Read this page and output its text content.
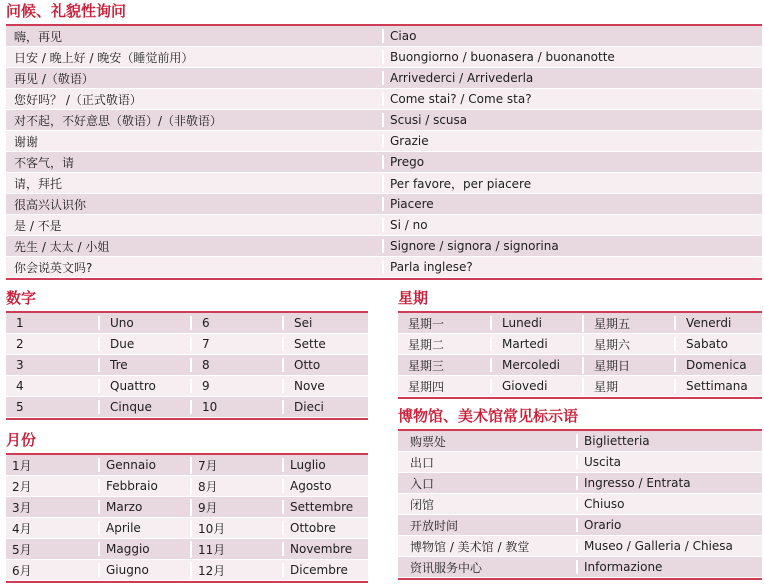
问候、礼貌性询问
数字	星期
月份
博物馆、美术馆常见标示语
嗨，再见	Ciao
日安 / 晚上好 / 晚安（睡觉前用）	Buongiorno / buonasera / buonanotte
再见 /（敬语）	Arrivederci / Arrivederla
您好吗？ /（正式敬语）	Come stai? / Come sta?
对不起，不好意思（敬语）/（非敬语）	Scusi / scusa
谢谢	Grazie
不客气，请	Prego
请，拜托	Per favore，per piacere
很高兴认识你	Piacere
是 / 不是	Si / no
先生 / 太太 / 小姐	Signore / signora / signorina
你会说英文吗?	Parla inglese?
1	Uno	6	Sei
2	Due	7	Sette
3	Tre	8	Otto
4	Quattro	9	Nove
5	Cinque	10	Dieci
星期一	Lunedi	星期五	Venerdi
星期二	Martedi	星期六	Sabato
星期三	Mercoledi	星期日	Domenica
星期四	Giovedi	星期	Settimana
1月	Gennaio	7月	Luglio
2月	Febbraio	8月	Agosto
3月	Marzo	9月	Settembre
4月	Aprile	10月	Ottobre
5月	Maggio	11月	Novembre
6月	Giugno	12月	Dicembre
购票处	Biglietteria
出口	Uscita
入口	Ingresso / Entrata
闭馆	Chiuso
开放时间	Orario
博物馆 / 美术馆 / 教堂	Museo / Galleria / Chiesa
资讯服务中心	Informazione
